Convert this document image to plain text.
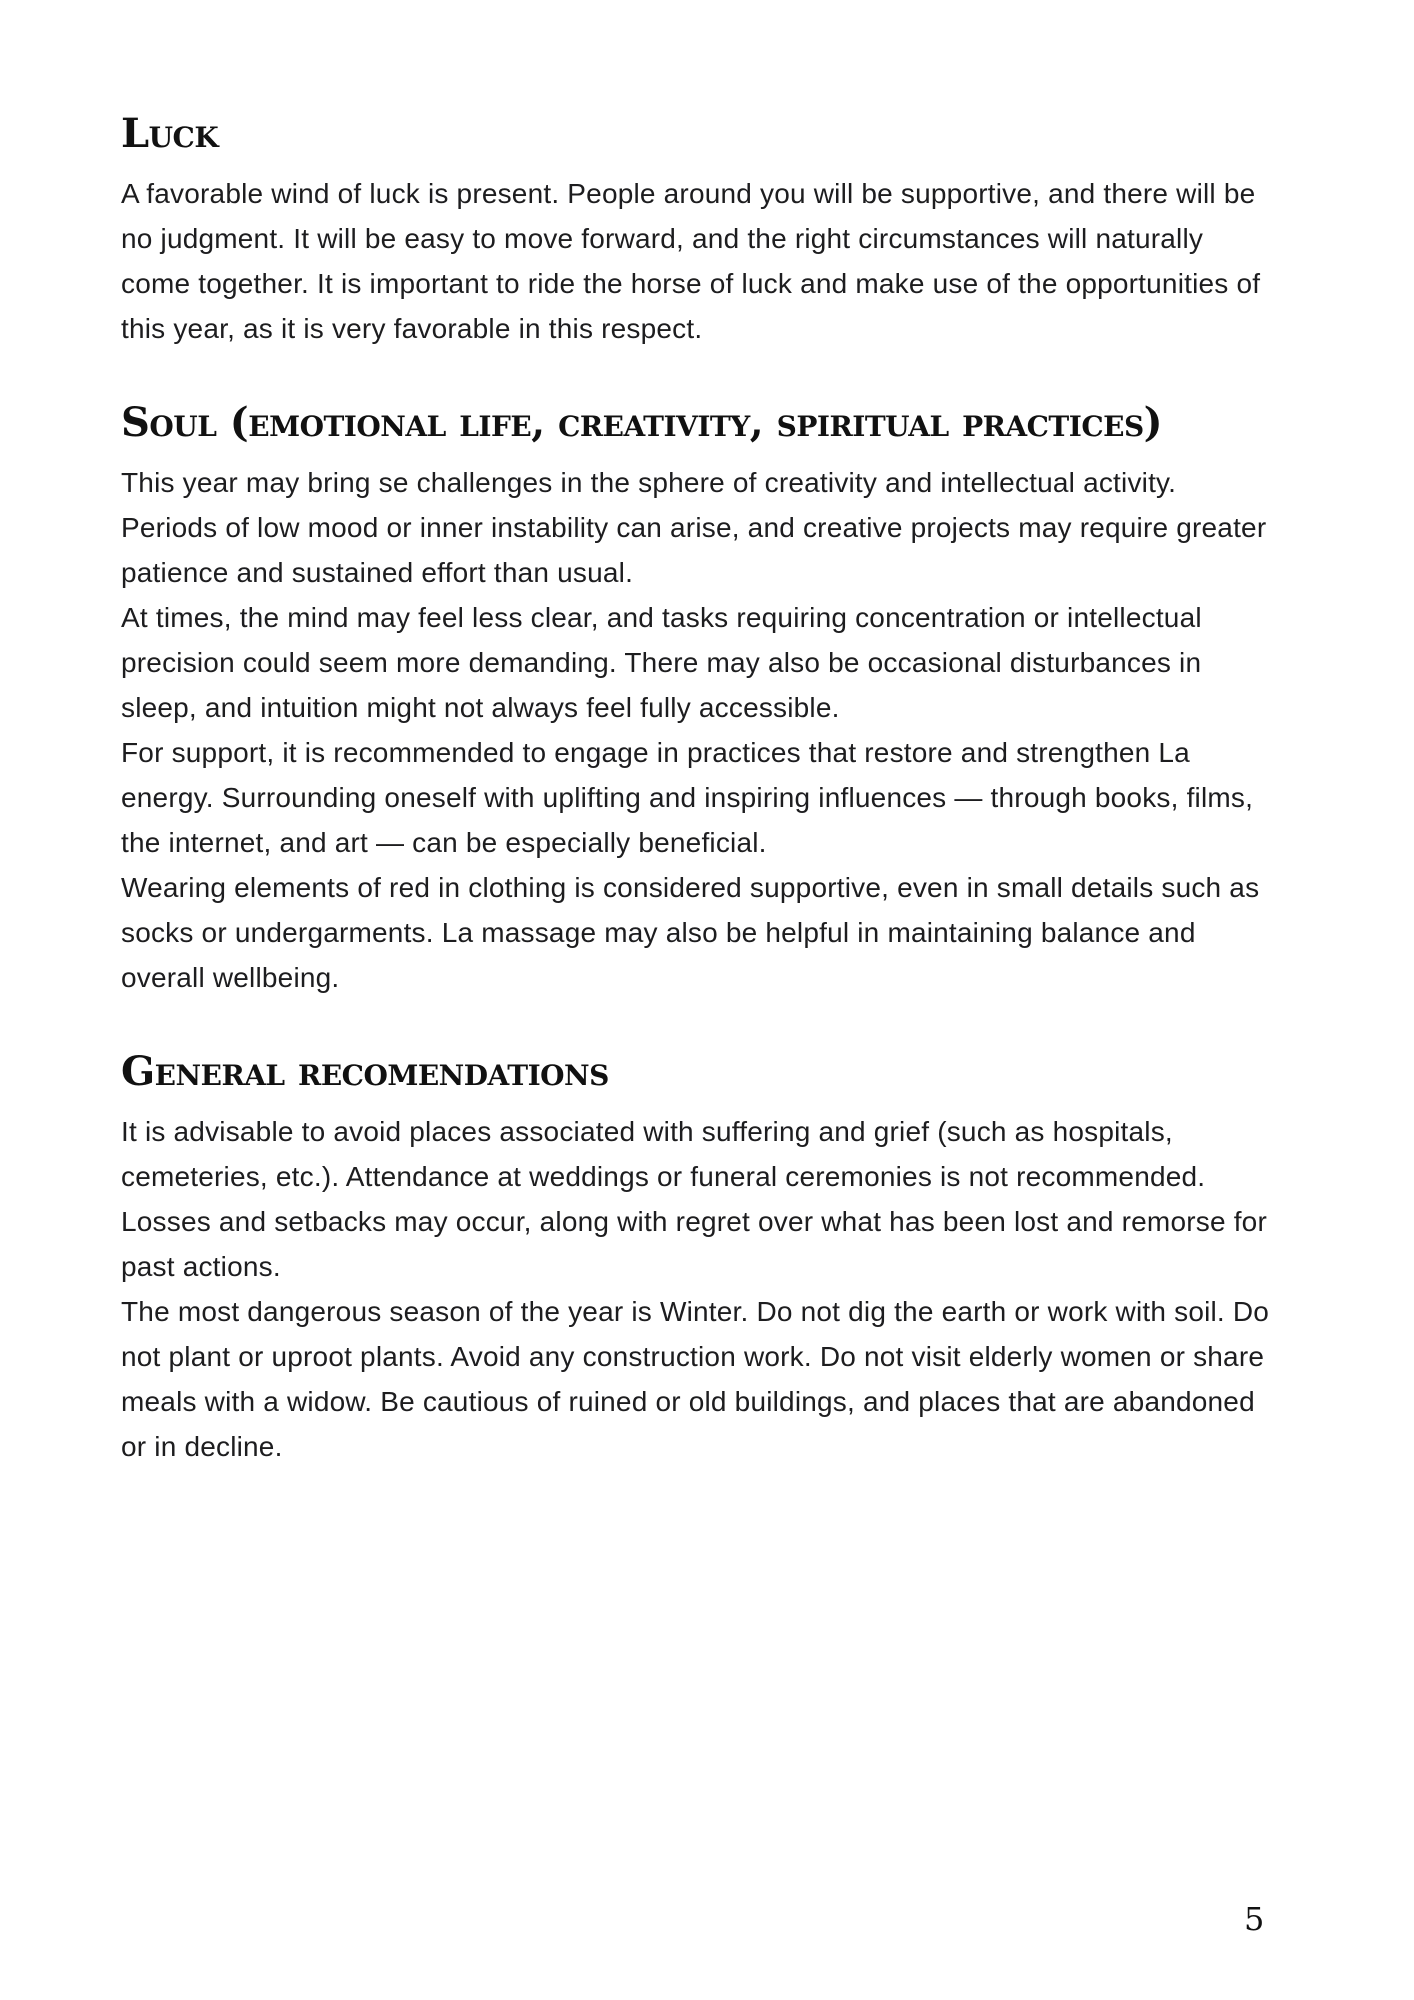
Luck

A favorable wind of luck is present. People around you will be supportive, and there will be no judgment. It will be easy to move forward, and the right circumstances will naturally come together. It is important to ride the horse of luck and make use of the opportunities of this year, as it is very favorable in this respect.

Soul (emotional life, creativity, spiritual practices)

This year may bring se challenges in the sphere of creativity and intellectual activity. Periods of low mood or inner instability can arise, and creative projects may require greater patience and sustained effort than usual.

At times, the mind may feel less clear, and tasks requiring concentration or intellectual precision could seem more demanding. There may also be occasional disturbances in sleep, and intuition might not always feel fully accessible.

For support, it is recommended to engage in practices that restore and strengthen La energy. Surrounding oneself with uplifting and inspiring influences — through books, films, the internet, and art — can be especially beneficial.

Wearing elements of red in clothing is considered supportive, even in small details such as socks or undergarments. La massage may also be helpful in maintaining balance and overall wellbeing.

General recomendations

It is advisable to avoid places associated with suffering and grief (such as hospitals, cemeteries, etc.). Attendance at weddings or funeral ceremonies is not recommended. Losses and setbacks may occur, along with regret over what has been lost and remorse for past actions.

The most dangerous season of the year is Winter. Do not dig the earth or work with soil. Do not plant or uproot plants. Avoid any construction work. Do not visit elderly women or share meals with a widow. Be cautious of ruined or old buildings, and places that are abandoned or in decline.

5
